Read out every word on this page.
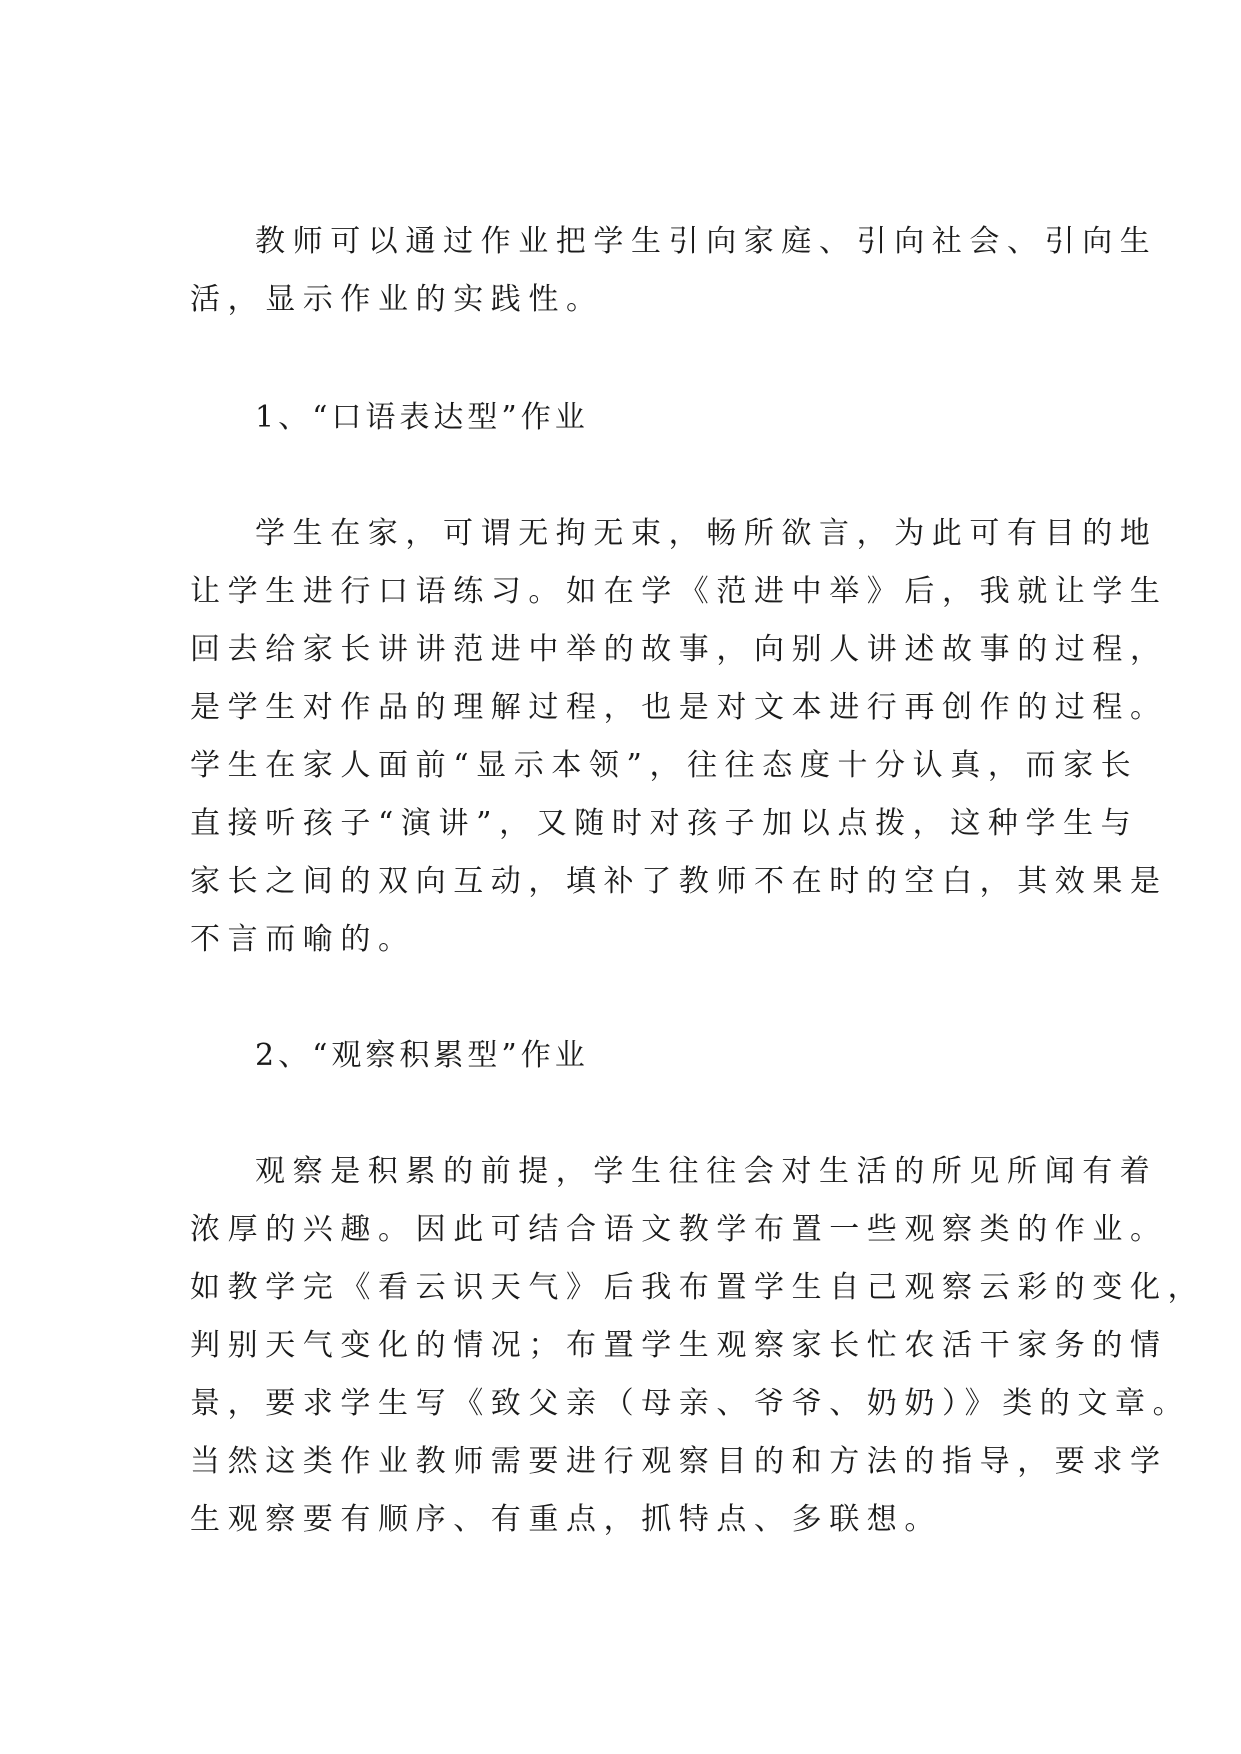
教师可以通过作业把学生引向家庭、引向社会、引向生
活，显示作业的实践性。
1、“口语表达型”作业
学生在家，可谓无拘无束，畅所欲言，为此可有目的地
让学生进行口语练习。如在学《范进中举》后，我就让学生
回去给家长讲讲范进中举的故事，向别人讲述故事的过程，
是学生对作品的理解过程，也是对文本进行再创作的过程。
学生在家人面前“显示本领”，往往态度十分认真，而家长
直接听孩子“演讲”，又随时对孩子加以点拨，这种学生与
家长之间的双向互动，填补了教师不在时的空白，其效果是
不言而喻的。
2、“观察积累型”作业
观察是积累的前提，学生往往会对生活的所见所闻有着
浓厚的兴趣。因此可结合语文教学布置一些观察类的作业。
如教学完《看云识天气》后我布置学生自己观察云彩的变化，
判别天气变化的情况；布置学生观察家长忙农活干家务的情
景，要求学生写《致父亲（母亲、爷爷、奶奶）》类的文章。
当然这类作业教师需要进行观察目的和方法的指导，要求学
生观察要有顺序、有重点，抓特点、多联想。
